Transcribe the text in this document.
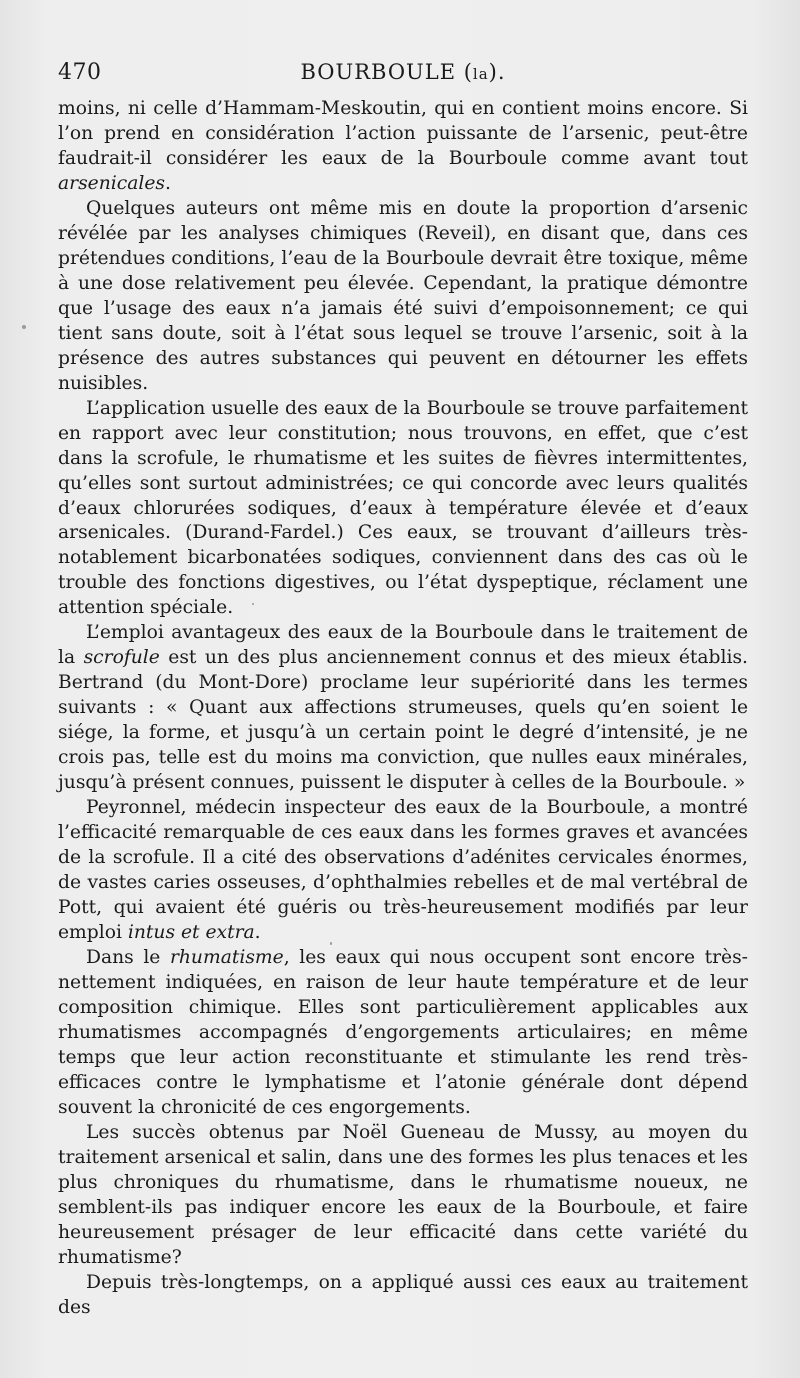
470	BOURBOULE (la).

moins, ni celle d’Hammam-Meskoutin, qui en contient moins encore. Si l’on prend en considération l’action puissante de l’arsenic, peut-être faudrait-il considérer les eaux de la Bourboule comme avant tout arsenicales.

Quelques auteurs ont même mis en doute la proportion d’arsenic révélée par les analyses chimiques (Reveil), en disant que, dans ces prétendues conditions, l’eau de la Bourboule devrait être toxique, même à une dose relativement peu élevée. Cependant, la pratique démontre que l’usage des eaux n’a jamais été suivi d’empoisonnement; ce qui tient sans doute, soit à l’état sous lequel se trouve l’arsenic, soit à la présence des autres substances qui peuvent en détourner les effets nuisibles.

L’application usuelle des eaux de la Bourboule se trouve parfaitement en rapport avec leur constitution; nous trouvons, en effet, que c’est dans la scrofule, le rhumatisme et les suites de fièvres intermittentes, qu’elles sont surtout administrées; ce qui concorde avec leurs qualités d’eaux chlorurées sodiques, d’eaux à température élevée et d’eaux arsenicales. (Durand-Fardel.) Ces eaux, se trouvant d’ailleurs très-notablement bicarbonatées sodiques, conviennent dans des cas où le trouble des fonctions digestives, ou l’état dyspeptique, réclament une attention spéciale.

L’emploi avantageux des eaux de la Bourboule dans le traitement de la scrofule est un des plus anciennement connus et des mieux établis. Bertrand (du Mont-Dore) proclame leur supériorité dans les termes suivants : « Quant aux affections strumeuses, quels qu’en soient le siége, la forme, et jusqu’à un certain point le degré d’intensité, je ne crois pas, telle est du moins ma conviction, que nulles eaux minérales, jusqu’à présent connues, puissent le disputer à celles de la Bourboule. »

Peyronnel, médecin inspecteur des eaux de la Bourboule, a montré l’efficacité remarquable de ces eaux dans les formes graves et avancées de la scrofule. Il a cité des observations d’adénites cervicales énormes, de vastes caries osseuses, d’ophthalmies rebelles et de mal vertébral de Pott, qui avaient été guéris ou très-heureusement modifiés par leur emploi intus et extra.

Dans le rhumatisme, les eaux qui nous occupent sont encore très-nettement indiquées, en raison de leur haute température et de leur composition chimique. Elles sont particulièrement applicables aux rhumatismes accompagnés d’engorgements articulaires; en même temps que leur action reconstituante et stimulante les rend très-efficaces contre le lymphatisme et l’atonie générale dont dépend souvent la chronicité de ces engorgements.

Les succès obtenus par Noël Gueneau de Mussy, au moyen du traitement arsenical et salin, dans une des formes les plus tenaces et les plus chroniques du rhumatisme, dans le rhumatisme noueux, ne semblent-ils pas indiquer encore les eaux de la Bourboule, et faire heureusement présager de leur efficacité dans cette variété du rhumatisme?

Depuis très-longtemps, on a appliqué aussi ces eaux au traitement des
